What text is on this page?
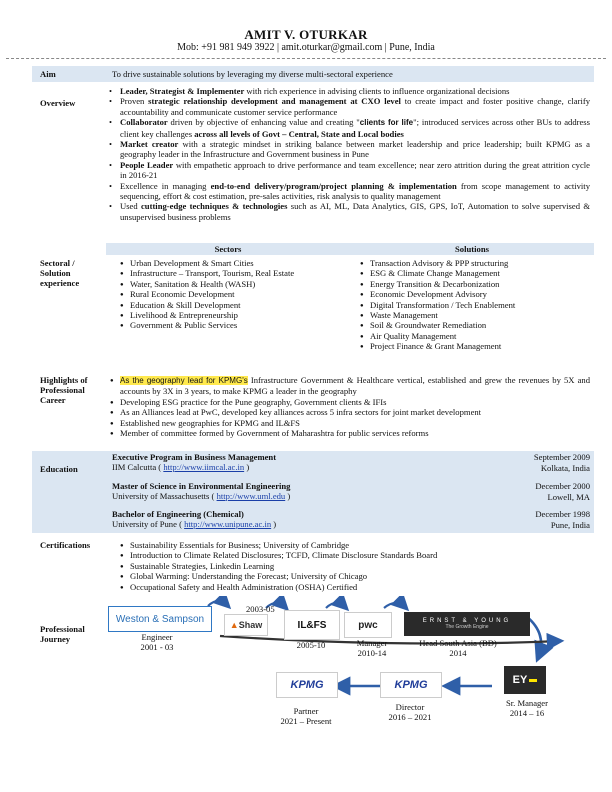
AMIT V. OTURKAR
Mob: +91 981 949 3922 | amit.oturkar@gmail.com | Pune, India
Aim	To drive sustainable solutions by leveraging my diverse multi-sectoral experience
Overview
• Leader, Strategist & Implementer with rich experience in advising clients to influence organizational decisions
• Proven strategic relationship development and management at CXO level to create impact and foster positive change, clarify accountability and communicate customer service performance
• Collaborator driven by objective of enhancing value and creating "clients for life"; introduced services across other BUs to address client key challenges across all levels of Govt – Central, State and Local bodies
• Market creator with a strategic mindset in striking balance between market leadership and price leadership; built KPMG as a geography leader in the Infrastructure and Government business in Pune
• People Leader with empathetic approach to drive performance and team excellence; near zero attrition during the great attrition cycle in 2016-21
• Excellence in managing end-to-end delivery/program/project planning & implementation from scope management to activity sequencing, effort & cost estimation, pre-sales activities, risk analysis to quality management
• Used cutting-edge techniques & technologies such as AI, ML, Data Analytics, GIS, GPS, IoT, Automation to solve supervised & unsupervised business problems
Sectors	Solutions
Sectoral / Solution experience
● Urban Development & Smart Cities
● Infrastructure – Transport, Tourism, Real Estate
● Water, Sanitation & Health (WASH)
● Rural Economic Development
● Education & Skill Development
● Livelihood & Entrepreneurship
● Government & Public Services
● Transaction Advisory & PPP structuring
● ESG & Climate Change Management
● Energy Transition & Decarbonization
● Economic Development Advisory
● Digital Transformation / Tech Enablement
● Waste Management
● Soil & Groundwater Remediation
● Air Quality Management
● Project Finance & Grant Management
Highlights of Professional Career
● As the geography lead for KPMG's Infrastructure Government & Healthcare vertical, established and grew the revenues by 5X and accounts by 3X in 3 years, to make KPMG a leader in the geography
● Developing ESG practice for the Pune geography, Government clients & IFIs
● As an Alliances lead at PwC, developed key alliances across 5 infra sectors for joint market development
● Established new geographies for KPMG and IL&FS
● Member of committee formed by Government of Maharashtra for public services reforms
Education
Executive Program in Business Management
IIM Calcutta ( http://www.iimcal.ac.in )
September 2009
Kolkata, India
Master of Science in Environmental Engineering
University of Massachusetts ( http://www.uml.edu )
December 2000
Lowell, MA
Bachelor of Engineering (Chemical)
University of Pune ( http://www.unipune.ac.in )
December 1998
Pune, India
Certifications
●	Sustainability Essentials for Business; University of Cambridge
● Introduction to Climate Related Disclosures; TCFD, Climate Disclosure Standards Board
● Sustainable Strategies, Linkedin Learning
● Global Warming: Understanding the Forecast; University of Chicago
● Occupational Safety and Health Administration (OSHA) Certified
Professional Journey
Weston & Sampson
▲ Shaw	IL&FS	pwc	ERNST & YOUNG
The Growth Engine
EY
KPMG
KPMG
Engineer
2001 - 03
2003-05
2005-10	Manager
2010-14
Head South Asia (BD)
2014
Sr. Manager
2014 – 16
Director
2016 – 2021
Partner
2021 – Present
